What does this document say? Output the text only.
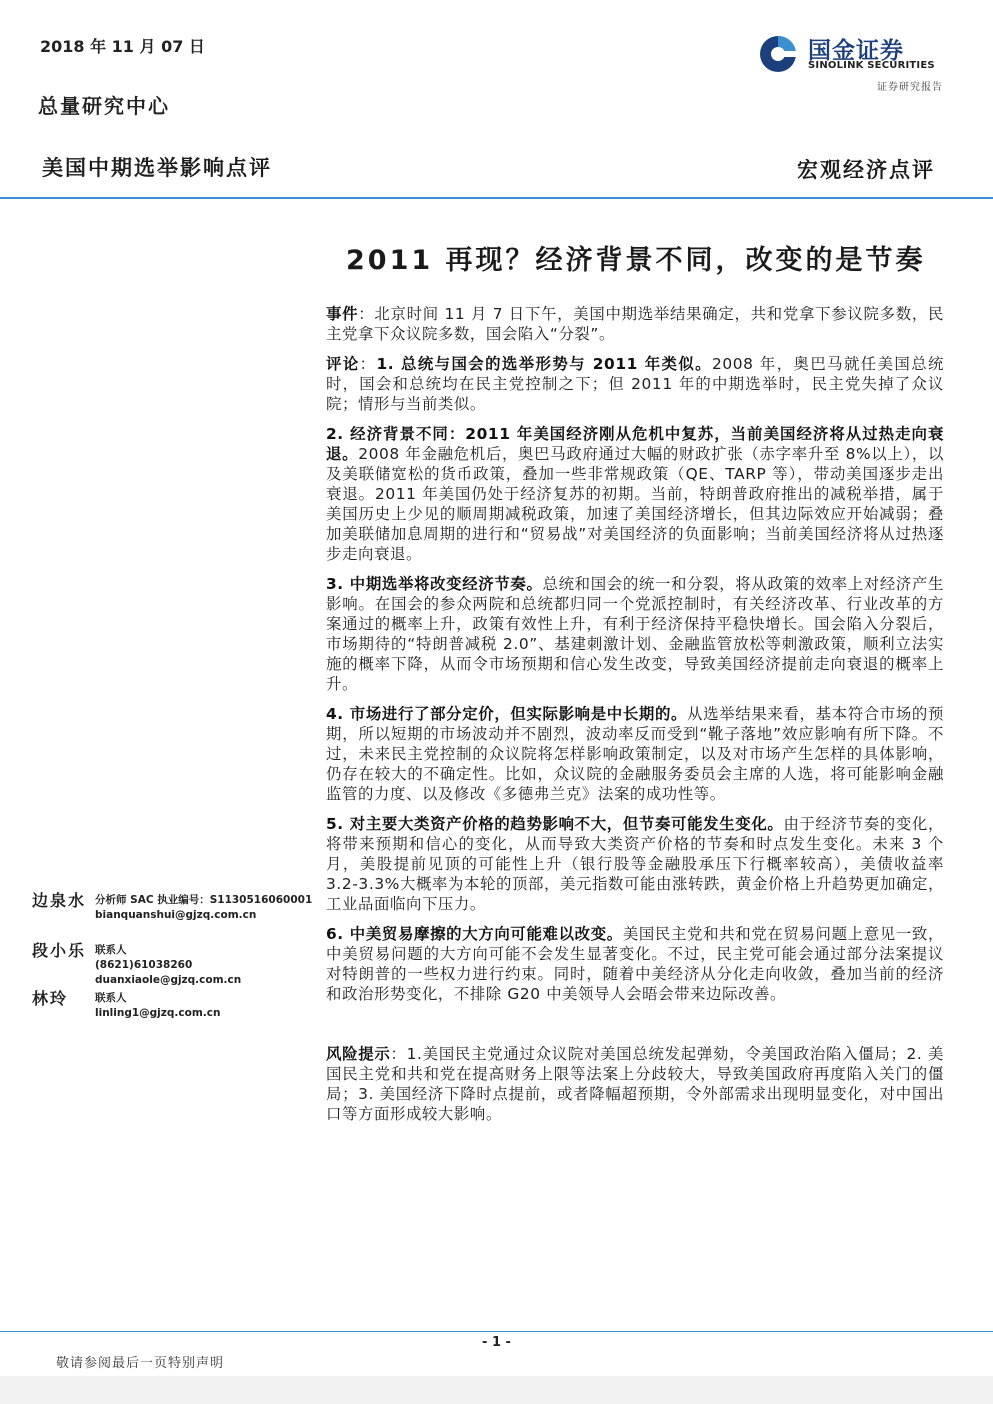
2018 年 11 月 07 日
总量研究中心
国金证券
SINOLINK SECURITIES
证券研究报告
美国中期选举影响点评	宏观经济点评
2011 再现？经济背景不同，改变的是节奏

事件：北京时间 11 月 7 日下午，美国中期选举结果确定，共和党拿下参议院多数，民主党拿下众议院多数，国会陷入“分裂”。

评论：1. 总统与国会的选举形势与 2011 年类似。2008 年，奥巴马就任美国总统时，国会和总统均在民主党控制之下；但 2011 年的中期选举时，民主党失掉了众议院；情形与当前类似。

2. 经济背景不同：2011 年美国经济刚从危机中复苏，当前美国经济将从过热走向衰退。2008 年金融危机后，奥巴马政府通过大幅的财政扩张（赤字率升至 8%以上），以及美联储宽松的货币政策，叠加一些非常规政策（QE、TARP 等），带动美国逐步走出衰退。2011 年美国仍处于经济复苏的初期。当前，特朗普政府推出的减税举措，属于美国历史上少见的顺周期减税政策，加速了美国经济增长，但其边际效应开始减弱；叠加美联储加息周期的进行和“贸易战”对美国经济的负面影响；当前美国经济将从过热逐步走向衰退。

3. 中期选举将改变经济节奏。总统和国会的统一和分裂，将从政策的效率上对经济产生影响。在国会的参众两院和总统都归同一个党派控制时，有关经济改革、行业改革的方案通过的概率上升，政策有效性上升，有利于经济保持平稳快增长。国会陷入分裂后，市场期待的“特朗普减税 2.0”、基建刺激计划、金融监管放松等刺激政策，顺利立法实施的概率下降，从而令市场预期和信心发生改变，导致美国经济提前走向衰退的概率上升。

4. 市场进行了部分定价，但实际影响是中长期的。从选举结果来看，基本符合市场的预期，所以短期的市场波动并不剧烈，波动率反而受到“靴子落地”效应影响有所下降。不过，未来民主党控制的众议院将怎样影响政策制定，以及对市场产生怎样的具体影响，仍存在较大的不确定性。比如，众议院的金融服务委员会主席的人选，将可能影响金融监管的力度、以及修改《多德弗兰克》法案的成功性等。

5. 对主要大类资产价格的趋势影响不大，但节奏可能发生变化。由于经济节奏的变化，将带来预期和信心的变化，从而导致大类资产价格的节奏和时点发生变化。未来 3 个月，美股提前见顶的可能性上升（银行股等金融股承压下行概率较高），美债收益率 3.2-3.3%大概率为本轮的顶部，美元指数可能由涨转跌，黄金价格上升趋势更加确定，工业品面临向下压力。

6. 中美贸易摩擦的大方向可能难以改变。美国民主党和共和党在贸易问题上意见一致，中美贸易问题的大方向可能不会发生显著变化。不过，民主党可能会通过部分法案提议对特朗普的一些权力进行约束。同时，随着中美经济从分化走向收敛，叠加当前的经济和政治形势变化，不排除 G20 中美领导人会晤会带来边际改善。

风险提示：1.美国民主党通过众议院对美国总统发起弹劾，令美国政治陷入僵局；2. 美国民主党和共和党在提高财务上限等法案上分歧较大，导致美国政府再度陷入关门的僵局；3. 美国经济下降时点提前，或者降幅超预期，令外部需求出现明显变化，对中国出口等方面形成较大影响。

边泉水 分析师 SAC 执业编号：S1130516060001
bianquanshui@gjzq.com.cn
段小乐 联系人
(8621)61038260
duanxiaole@gjzq.com.cn
林玲	联系人
linling1@gjzq.com.cn
- 1 -
敬请参阅最后一页特别声明
